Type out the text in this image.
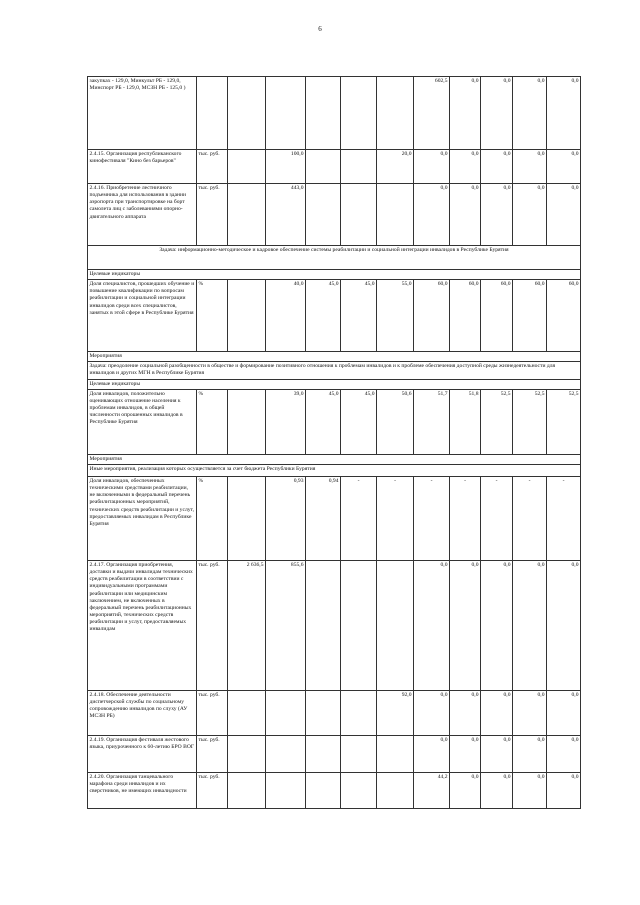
6
закупках - 129,0, Минкульт РБ - 129,0, Минспорт РБ - 129,0, МСЗН РБ - 125,0 )							602,5	0,0	0,0	0,0	0,0
2.4.15. Организация республиканского кинофестиваля "Кино без барьеров"	тыс. руб.		100,0			20,0	0,0	0,0	0,0	0,0	0,0
2.4.16. Приобретение лестничного подъемника для использования в здании аэропорта при транспортировке на борт самолета лиц с заболеваниями опорно-двигательного аппарата	тыс. руб.		443,0				0,0	0,0	0,0	0,0	0,0
Задача: информационно-методическое и кадровое обеспечение системы реабилитации и социальной интеграции инвалидов в Республике Бурятия											
Целевые индикаторы											
Доля специалистов, прошедших обучение и повышение квалификации по вопросам реабилитации и социальной интеграции инвалидов среди всех специалистов, занятых в этой сфере в Республике Бурятия	%		40,0	45,0	45,0	55,0	60,0	60,0	60,0	60,0	60,0
Мероприятия											
Задача: преодоление социальной разобщенности в обществе и формирование позитивного отношения к проблемам инвалидов и к проблеме обеспечения доступной среды жизнедеятельности для инвалидов и других МГН в Республике Бурятия											
Целевые индикаторы											
Доля инвалидов, положительно оценивающих отношение населения к проблемам инвалидов, в общей численности опрошенных инвалидов в Республике Бурятия	%		39,0	45,0	45,0	50,6	51,7	51,8	52,5	52,5	52,5
Мероприятия											
Иные мероприятия, реализация которых осуществляется за счет бюджета Республики Бурятия											
Доля инвалидов, обеспеченных техническими средствами реабилитации, не включенными в федеральный перечень реабилитационных мероприятий, технических средств реабилитации и услут, предоставляемых инвалидам в Республике Бурятия	%		0,93	0,94	-	-	-	-	-	-	-
2.4.17. Организация приобретения, доставки и выдачи инвалидам технических средств реабилитации в соответствии с индивидуальными программами реабилитации или медицинским заключением, не включенных в федеральный перечень реабилитационных мероприятий, технических средств реабилитации и услуг, предоставляемых инвалидам	тыс. руб.	2 636,5	855,6				0,0	0,0	0,0	0,0	0,0
2.4.18. Обеспечение деятельности диспетчерской службы по социальному сопровождению инвалидов по слуху (АУ МСЗН РБ)	тыс. руб.					92,0	0,0	0,0	0,0	0,0	0,0
2.4.19. Организация фестиваля жестового языка, приуроченного к 60-летию БРО ВОГ	тыс. руб.						0,0	0,0	0,0	0,0	0,0
2.4.20. Организация танцевального марафона среди инвалидов и их сверстников, не имеющих инвалидности	тыс. руб.						44,2	0,0	0,0	0,0	0,0
